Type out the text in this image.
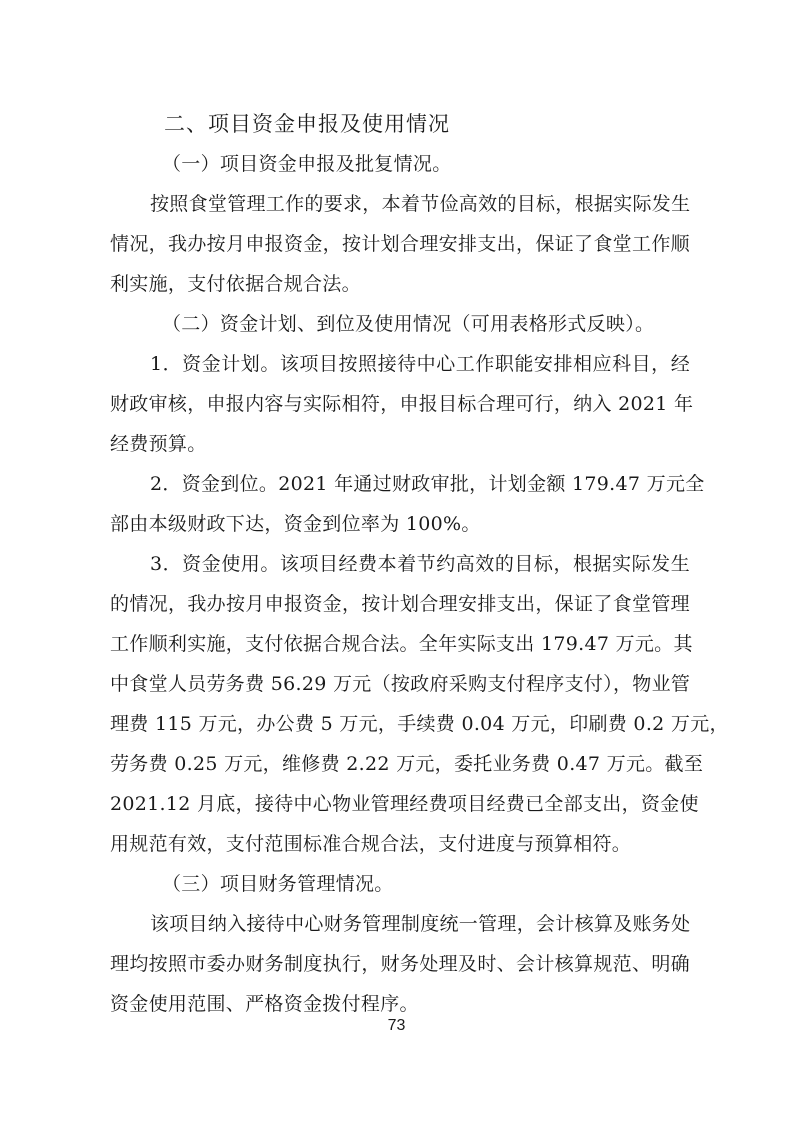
二、项目资金申报及使用情况
（一）项目资金申报及批复情况。
按照食堂管理工作的要求，本着节俭高效的目标，根据实际发生
情况，我办按月申报资金，按计划合理安排支出，保证了食堂工作顺
利实施，支付依据合规合法。
（二）资金计划、到位及使用情况（可用表格形式反映）。
1．资金计划。该项目按照接待中心工作职能安排相应科目，经
财政审核，申报内容与实际相符，申报目标合理可行，纳入 2021 年
经费预算。
2．资金到位。2021 年通过财政审批，计划金额 179.47 万元全
部由本级财政下达，资金到位率为 100%。
3．资金使用。该项目经费本着节约高效的目标，根据实际发生
的情况，我办按月申报资金，按计划合理安排支出，保证了食堂管理
工作顺利实施，支付依据合规合法。全年实际支出 179.47 万元。其
中食堂人员劳务费 56.29 万元（按政府采购支付程序支付），物业管
理费 115 万元，办公费 5 万元，手续费 0.04 万元，印刷费 0.2 万元，
劳务费 0.25 万元，维修费 2.22 万元，委托业务费 0.47 万元。截至
2021.12 月底，接待中心物业管理经费项目经费已全部支出，资金使
用规范有效，支付范围标准合规合法，支付进度与预算相符。
（三）项目财务管理情况。
该项目纳入接待中心财务管理制度统一管理，会计核算及账务处
理均按照市委办财务制度执行，财务处理及时、会计核算规范、明确
资金使用范围、严格资金拨付程序。
73
